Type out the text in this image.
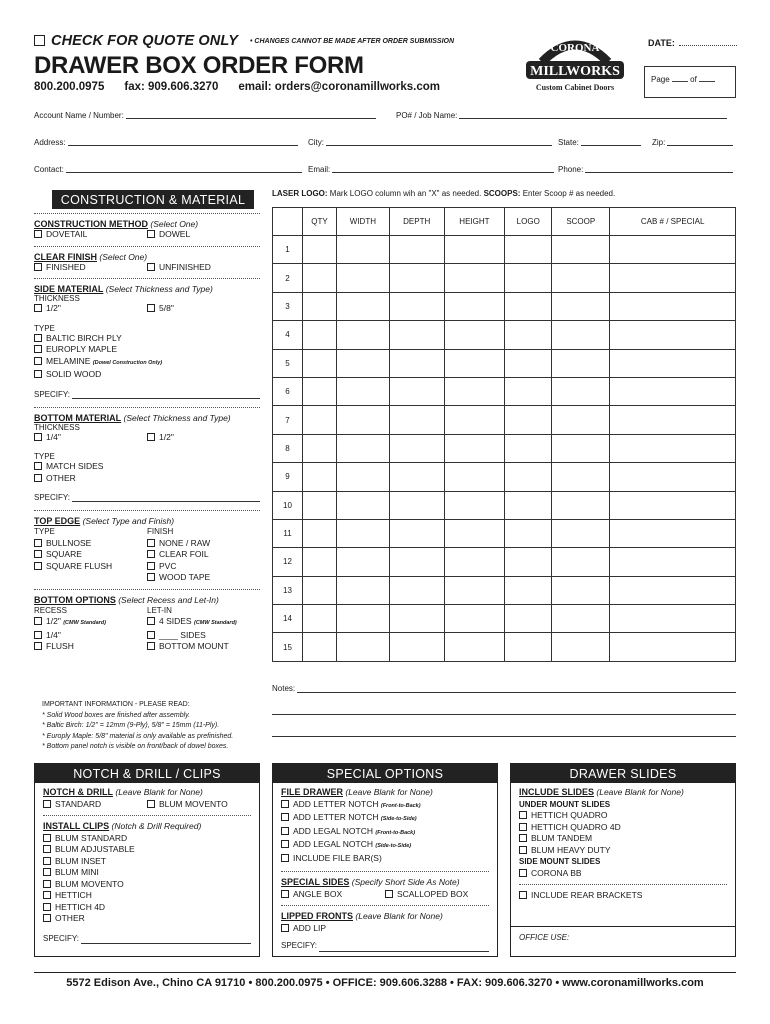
CHECK FOR QUOTE ONLY • CHANGES CANNOT BE MADE AFTER ORDER SUBMISSION
DRAWER BOX ORDER FORM
800.200.0975 fax: 909.606.3270 email: orders@coronamillworks.com
DATE:
Page	of
CORONA
MILLWORKS
Custom Cabinet Doors
Account Name / Number:	PO# / Job Name:
Address:	City:	State:	Zip:
Contact:	Email:	Phone:
CONSTRUCTION & MATERIAL
CONSTRUCTION METHOD (Select One)
DOVETAIL	DOWEL
CLEAR FINISH (Select One)
FINISHED	UNFINISHED
SIDE MATERIAL (Select Thickness and Type)
THICKNESS
1/2"	5/8"
TYPE
BALTIC BIRCH PLY
EUROPLY MAPLE
MELAMINE (Dowel Construction Only)
SOLID WOOD
SPECIFY:
BOTTOM MATERIAL (Select Thickness and Type)
THICKNESS
1/4"	1/2"
TYPE
MATCH SIDES
OTHER
SPECIFY:
TOP EDGE (Select Type and Finish)
TYPE	FINISH
BULLNOSE	NONE / RAW
SQUARE	CLEAR FOIL
SQUARE FLUSH	PVC
WOOD TAPE
BOTTOM OPTIONS (Select Recess and Let-In)
RECESS	LET-IN
1/2" (CMW Standard)	4 SIDES (CMW Standard)
1/4"	____ SIDES
FLUSH	BOTTOM MOUNT
LASER LOGO: Mark LOGO column wih an "X" as needed. SCOOPS: Enter Scoop # as needed.
	QTY	WIDTH	DEPTH	HEIGHT	LOGO	SCOOP	CAB # / SPECIAL
1							
2							
3							
4							
5							
6							
7							
8							
9							
10							
11							
12							
13							
14							
15							
Notes:
IMPORTANT INFORMATION - PLEASE READ:
* Solid Wood boxes are finished after assembly.
* Baltic Birch: 1/2" = 12mm (9-Ply), 5/8" = 15mm (11-Ply).
* Europly Maple: 5/8" material is only available as prefinished.
* Bottom panel notch is visible on front/back of dowel boxes.
NOTCH & DRILL / CLIPS
NOTCH & DRILL (Leave Blank for None)
STANDARD	BLUM MOVENTO
INSTALL CLIPS (Notch & Drill Required)
BLUM STANDARD
BLUM ADJUSTABLE
BLUM INSET
BLUM MINI
BLUM MOVENTO
HETTICH
HETTICH 4D
OTHER
SPECIFY:
SPECIAL OPTIONS
FILE DRAWER (Leave Blank for None)
ADD LETTER NOTCH (Front-to-Back)
ADD LETTER NOTCH (Side-to-Side)
ADD LEGAL NOTCH (Front-to-Back)
ADD LEGAL NOTCH (Side-to-Side)
INCLUDE FILE BAR(S)
SPECIAL SIDES (Specify Short Side As Note)
ANGLE BOX	SCALLOPED BOX
LIPPED FRONTS (Leave Blank for None)
ADD LIP
SPECIFY:
DRAWER SLIDES
INCLUDE SLIDES (Leave Blank for None)
UNDER MOUNT SLIDES
HETTICH QUADRO
HETTICH QUADRO 4D
BLUM TANDEM
BLUM HEAVY DUTY
SIDE MOUNT SLIDES
CORONA BB
INCLUDE REAR BRACKETS
OFFICE USE:
5572 Edison Ave., Chino CA 91710 • 800.200.0975 • OFFICE: 909.606.3288 • FAX: 909.606.3270 • www.coronamillworks.com
